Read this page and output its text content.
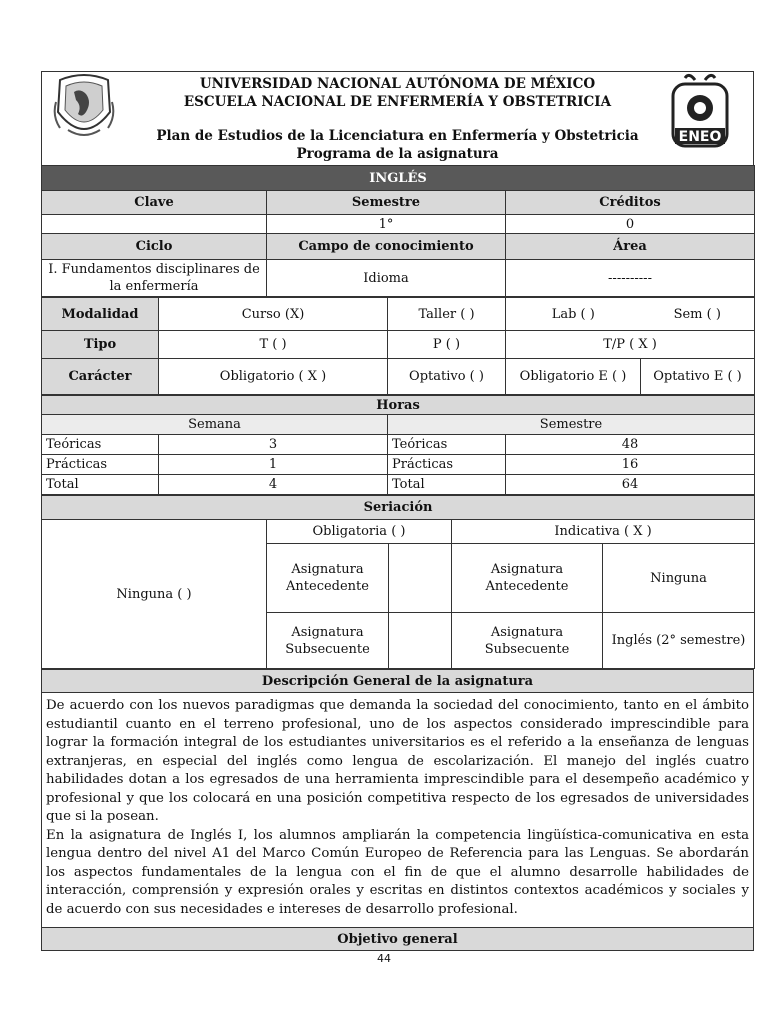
UNIVERSIDAD NACIONAL AUTÓNOMA DE MÉXICO
ESCUELA NACIONAL DE ENFERMERÍA Y OBSTETRICIA
Plan de Estudios de la Licenciatura en Enfermería y Obstetricia
Programa de la asignatura
ENEO
INGLÉS		
Clave	Semestre	Créditos
	1°	0
Ciclo	Campo de conocimiento	Área
I. Fundamentos disciplinares de la enfermería	Idioma	----------
Modalidad	Curso (X)	Taller ( )	Lab ( )	Sem ( )
Tipo	T ( )	P ( )	T/P ( X )	
Carácter	Obligatorio ( X )	Optativo ( )	Obligatorio E ( )	Optativo E ( )
Horas			
Semana		Semestre	
Teóricas	3	Teóricas	48
Prácticas	1	Prácticas	16
Total	4	Total	64
Seriación				
Ninguna ( )	Obligatoria ( )		Indicativa ( X )	
	Asignatura Antecedente		Asignatura Antecedente	Ninguna
	Asignatura Subsecuente		Asignatura Subsecuente	Inglés (2° semestre)
Descripción General de la asignatura

De acuerdo con los nuevos paradigmas que demanda la sociedad del conocimiento, tanto en el ámbito estudiantil cuanto en el terreno profesional, uno de los aspectos considerado imprescindible para lograr la formación integral de los estudiantes universitarios es el referido a la enseñanza de lenguas extranjeras, en especial del inglés como lengua de escolarización. El manejo del inglés cuatro habilidades dotan a los egresados de una herramienta imprescindible para el desempeño académico y profesional y que los colocará en una posición competitiva respecto de los egresados de universidades que si la posean.
En la asignatura de Inglés I, los alumnos ampliarán la competencia lingüística-comunicativa en esta lengua dentro del nivel A1 del Marco Común Europeo de Referencia para las Lenguas. Se abordarán los aspectos fundamentales de la lengua con el fin de que el alumno desarrolle habilidades de interacción, comprensión y expresión orales y escritas en distintos contextos académicos y sociales y de acuerdo con sus necesidades e intereses de desarrollo profesional.

Objetivo general
44
